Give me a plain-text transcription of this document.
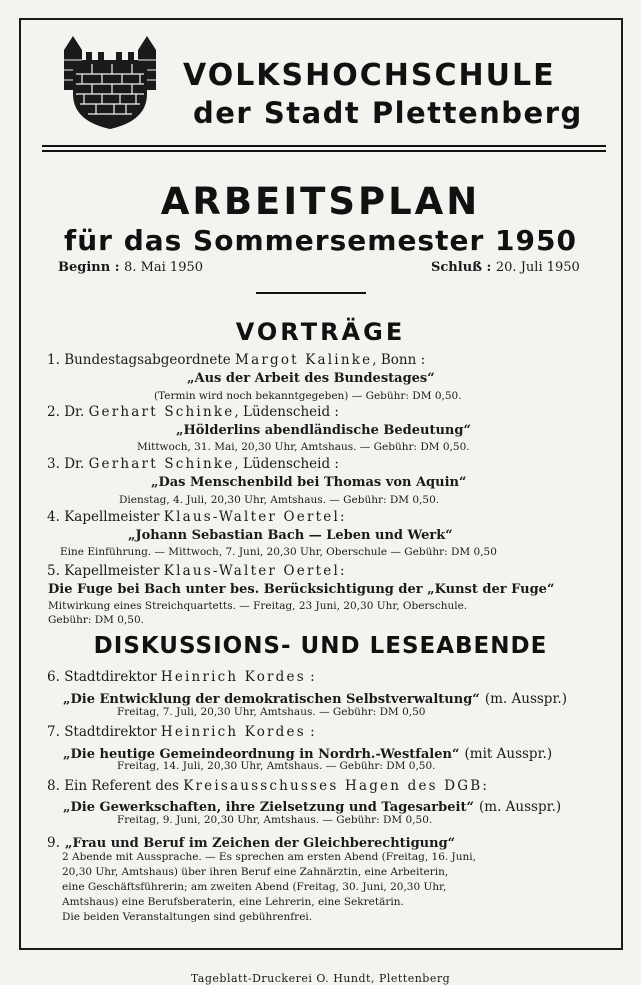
VOLKSHOCHSCHULE
der Stadt Plettenberg
ARBEITSPLAN
für das Sommersemester 1950
Beginn : 8. Mai 1950	Schluß : 20. Juli 1950
VORTRÄGE

1. Bundestagsabgeordnete Margot Kalinke, Bonn :

„Aus der Arbeit des Bundestages“

(Termin wird noch bekanntgegeben) — Gebühr: DM 0,50.

2. Dr. Gerhart Schinke, Lüdenscheid :

„Hölderlins abendländische Bedeutung“

Mittwoch, 31. Mai, 20,30 Uhr, Amtshaus. — Gebühr: DM 0,50.

3. Dr. Gerhart Schinke, Lüdenscheid :

„Das Menschenbild bei Thomas von Aquin“

Dienstag, 4. Juli, 20,30 Uhr, Amtshaus. — Gebühr: DM 0,50.

4. Kapellmeister Klaus-Walter Oertel:

„Johann Sebastian Bach — Leben und Werk“

Eine Einführung. — Mittwoch, 7. Juni, 20,30 Uhr, Oberschule — Gebühr: DM 0,50

5. Kapellmeister Klaus-Walter Oertel:

Die Fuge bei Bach unter bes. Berücksichtigung der „Kunst der Fuge“

Mitwirkung eines Streichquartetts. — Freitag, 23 Juni, 20,30 Uhr, Oberschule.

Gebühr: DM 0,50.

DISKUSSIONS- UND LESEABENDE

6. Stadtdirektor Heinrich Kordes :

„Die Entwicklung der demokratischen Selbstverwaltung“ (m. Ausspr.)

Freitag, 7. Juli, 20,30 Uhr, Amtshaus. — Gebühr: DM 0,50

7. Stadtdirektor Heinrich Kordes :

„Die heutige Gemeindeordnung in Nordrh.-Westfalen“ (mit Ausspr.)

Freitag, 14. Juli, 20,30 Uhr, Amtshaus. — Gebühr: DM 0,50.

8. Ein Referent des Kreisausschusses Hagen des DGB:

„Die Gewerkschaften, ihre Zielsetzung und Tagesarbeit“ (m. Ausspr.)

Freitag, 9. Juni, 20,30 Uhr, Amtshaus. — Gebühr: DM 0,50.

9. „Frau und Beruf im Zeichen der Gleichberechtigung“

2 Abende mit Aussprache. — Es sprechen am ersten Abend (Freitag, 16. Juni,

20,30 Uhr, Amtshaus) über ihren Beruf eine Zahnärztin, eine Arbeiterin,

eine Geschäftsführerin; am zweiten Abend (Freitag, 30. Juni, 20,30 Uhr,

Amtshaus) eine Berufsberaterin, eine Lehrerin, eine Sekretärin.

Die beiden Veranstaltungen sind gebührenfrei.

Tageblatt-Druckerei O. Hundt, Plettenberg
